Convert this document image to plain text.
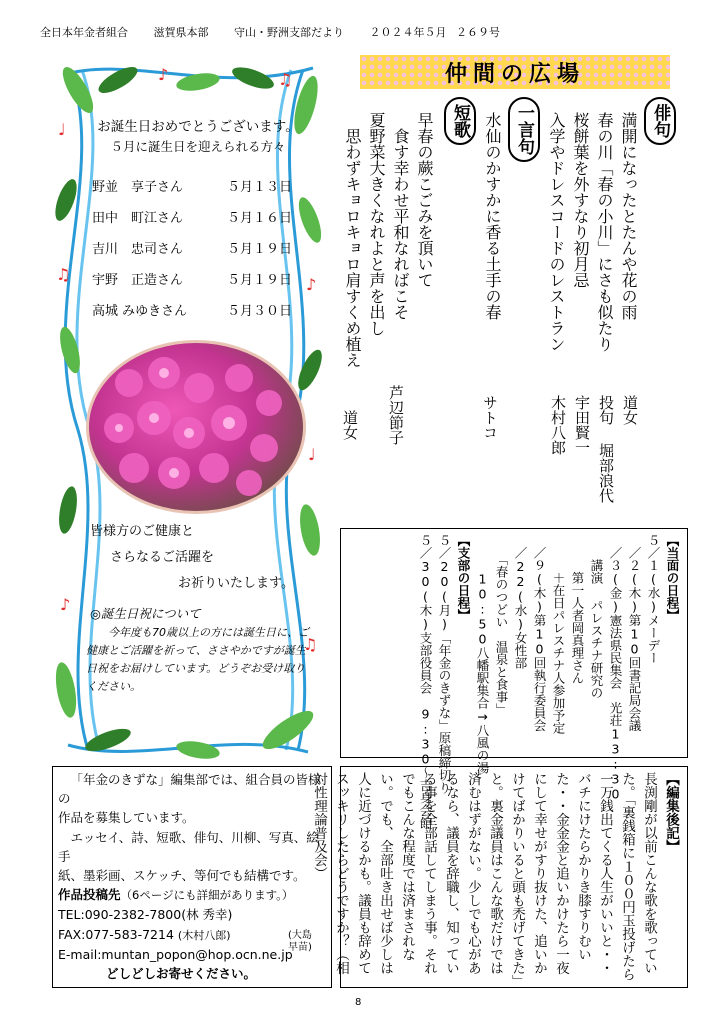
全日本年金者組合 滋賀県本部 守山・野洲支部だより ２０２４年５月 ２６９号
♪	♫
♩
♪
♫
♩
♪
♫
お誕生日おめでとうございます。
５月に誕生日を迎えられる方々
野並　享子さん	５月１３日
田中　町江さん	５月１６日
吉川　忠司さん	５月１９日
宇野　正造さん	５月１９日
高城 みゆきさん	５月３０日
皆様方のご健康と
さらなるご活躍を
お祈りいたします。
◎誕生日祝について
今年度も70歳以上の方には誕生日に、ご健康とご活躍を祈って、ささやかですが誕生日祝をお届けしています。どうぞお受け取りください。
仲間の広場
俳句
満開になったとたんや花の雨
春の川「春の小川」にさも似たり
桜餅葉を外すなり初月忌
入学やドレスコードのレストラン
道女
投句 堀部浪代
宇田賢一
木村八郎
一言句
水仙のかすかに香る土手の春
サトコ
短歌
早春の蕨こごみを頂いて
　食す幸わせ平和なればこそ
夏野菜大きくなれよと声を出し
　思わずキョロキョロ肩すくめ植え
芦辺節子
道女
【当面の日程】
５／１(水)メーデー
　／２(木)第10回書記局会議
　／３(金)憲法県民集会　光荘13:30
　　講演 パレスチナ研究の
　　　第一人者岡真理さん
　　　＋在日パレスチナ人参加予定
　／９(木)第10回執行委員会
　／22(水)女性部
　　「春のつどい　温泉と食事」
　　　10:50八幡駅集合→八風の湯
【支部の日程】
５／20(月)「年金のきずな」原稿締切り
５／30(木)支部役員会　9:30～吉身会館	【編集後記】
長渕剛が以前こんな歌を歌っていた。「裏銭箱に１００円玉投げたら一万銭出てくる人生がいいと・・バチにけたらかりき膝すりむいた・・金金金と追いかけたら一夜にして幸せがすり抜けた、追いかけてばかりいると頭も禿げてきた」と。裏金議員はこんな歌だけでは済むはずがない。少しでも心があるなら、議員を辞職し、知っている事を全部話してしまう事。それでもこんな程度では済まされない。でも、全部吐き出せば少しは人に近づけるかも。議員も辞めてスッキリしたらどうですか？（相対性理論普及会）

「年金のきずな」編集部では、組合員の皆様の

作品を募集しています。

　エッセイ、詩、短歌、俳句、川柳、写真、絵手

紙、墨彩画、スケッチ、等何でも結構です。

作品投稿先（6ページにも詳細があります。）

TEL:090-2382-7800(林 秀幸)

FAX:077-583-7214 (木村八郎)

E-mail:muntan_popon@hop.ocn.ne.jp

どしどしお寄せください。

(大島
早苗)
8
